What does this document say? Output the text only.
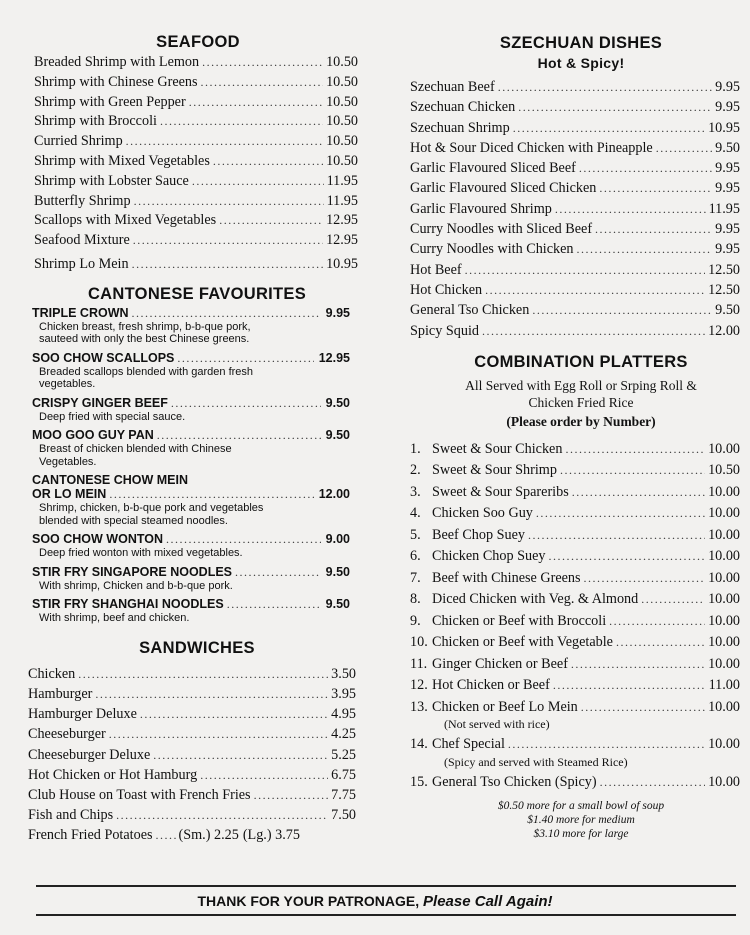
SEAFOOD
Breaded Shrimp with Lemon .....	10.50
Shrimp with Chinese Greens .....	10.50
Shrimp with Green Pepper .....	10.50
Shrimp with Broccoli .....	10.50
Curried Shrimp .....	10.50
Shrimp with Mixed Vegetables .....	10.50
Shrimp with Lobster Sauce .....	11.95
Butterfly Shrimp .....	11.95
Scallops with Mixed Vegetables .....	12.95
Seafood Mixture .....	12.95
Shrimp Lo Mein .....	10.95
CANTONESE FAVOURITES
TRIPLE CROWN .....	9.95
Chicken breast, fresh shrimp, b-b-que pork,
sauteed with only the best Chinese greens.
SOO CHOW SCALLOPS .....	12.95
Breaded scallops blended with garden fresh
vegetables.
CRISPY GINGER BEEF .....	9.50
Deep fried with special sauce.
MOO GOO GUY PAN .....	9.50
Breast of chicken blended with Chinese
Vegetables.
CANTONESE CHOW MEIN
OR LO MEIN .....	12.00
Shrimp, chicken, b-b-que pork and vegetables
blended with special steamed noodles.
SOO CHOW WONTON .....	9.00
Deep fried wonton with mixed vegetables.
STIR FRY SINGAPORE NOODLES .....	9.50
With shrimp, Chicken and b-b-que pork.
STIR FRY SHANGHAI NOODLES .....	9.50
With shrimp, beef and chicken.
SANDWICHES
Chicken .....	3.50
Hamburger .....	3.95
Hamburger Deluxe .....	4.95
Cheeseburger .....	4.25
Cheeseburger Deluxe .....	5.25
Hot Chicken or Hot Hamburg .....	6.75
Club House on Toast with French Fries .....	7.75
Fish and Chips .....	7.50
French Fried Potatoes ..... (Sm.) 2.25 (Lg.) 3.75
SZECHUAN DISHES
Hot & Spicy!
Szechuan Beef .....	9.95
Szechuan Chicken .....	9.95
Szechuan Shrimp .....	10.95
Hot & Sour Diced Chicken with Pineapple .....	9.50
Garlic Flavoured Sliced Beef .....	9.95
Garlic Flavoured Sliced Chicken .....	9.95
Garlic Flavoured Shrimp .....	11.95
Curry Noodles with Sliced Beef .....	9.95
Curry Noodles with Chicken .....	9.95
Hot Beef .....	12.50
Hot Chicken .....	12.50
General Tso Chicken .....	9.50
Spicy Squid .....	12.00
COMBINATION PLATTERS
All Served with Egg Roll or Srping Roll &
Chicken Fried Rice
(Please order by Number)
1. Sweet & Sour Chicken .....	10.00
2. Sweet & Sour Shrimp .....	10.50
3. Sweet & Sour Spareribs .....	10.00
4. Chicken Soo Guy .....	10.00
5. Beef Chop Suey .....	10.00
6. Chicken Chop Suey .....	10.00
7. Beef with Chinese Greens .....	10.00
8. Diced Chicken with Veg. & Almond .....	10.00
9. Chicken or Beef with Broccoli .....	10.00
10. Chicken or Beef with Vegetable .....	10.00
11. Ginger Chicken or Beef .....	10.00
12. Hot Chicken or Beef .....	11.00
13. Chicken or Beef Lo Mein .....	10.00
(Not served with rice)
14. Chef Special .....	10.00
(Spicy and served with Steamed Rice)
15. General Tso Chicken (Spicy) .....	10.00
$0.50 more for a small bowl of soup
$1.40 more for medium
$3.10 more for large
THANK FOR YOUR PATRONAGE, Please Call Again!
